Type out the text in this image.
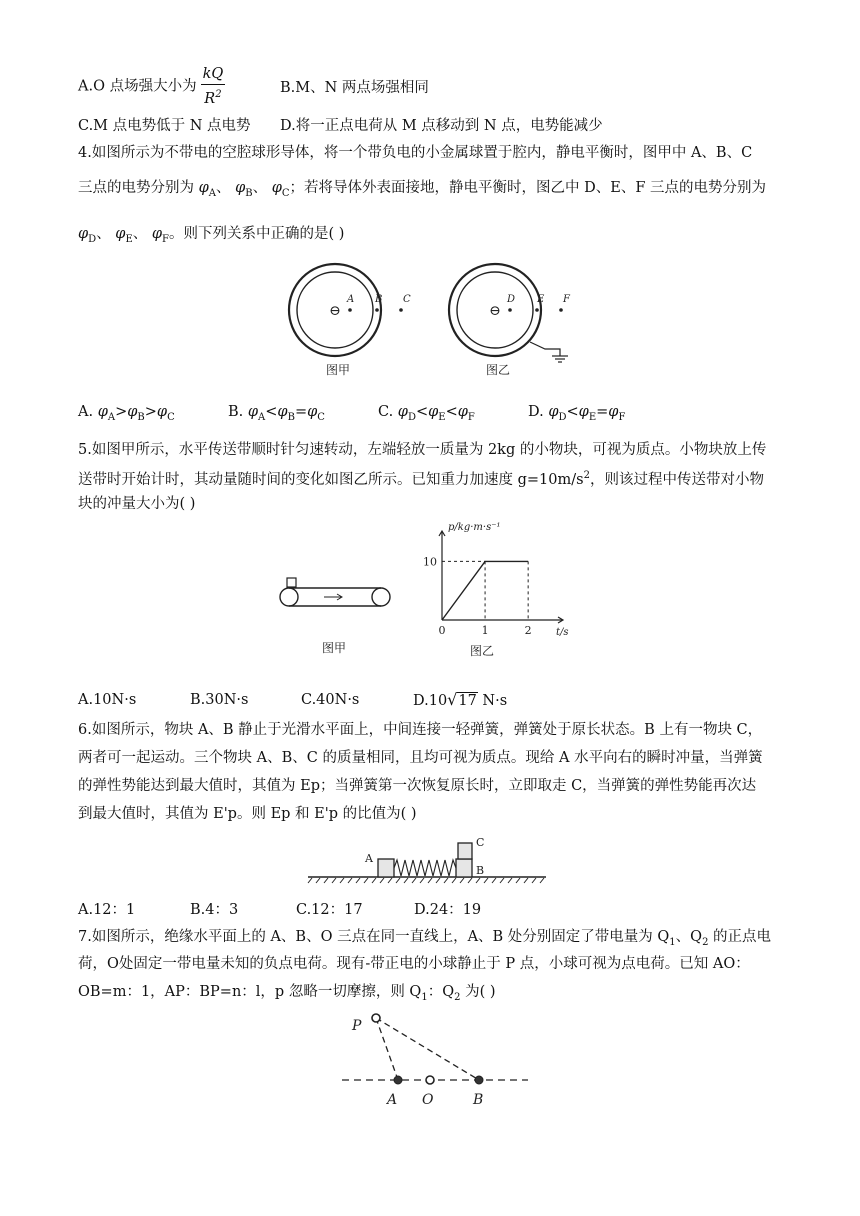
A.O 点场强大小为 $\frac{kQ}{R^2}$	B.M、N 两点场强相同
C.M 点电势低于 N 点电势 D.将一正点电荷从 M 点移动到 N 点，电势能减少
4.如图所示为不带电的空腔球形导体，将一个带负电的小金属球置于腔内，静电平衡时，图甲中 A、B、C
三点的电势分别为 $\varphi_A$、 $\varphi_B$、 $\varphi_C$；若将导体外表面接地，静电平衡时，图乙中 D、E、F 三点的电势分别为
$\varphi_D$、 $\varphi_E$、 $\varphi_F$。则下列关系中正确的是( )
⊖
A B C
图甲
⊖
D E F
图乙
A. $\varphi_A>\varphi_B>\varphi_C$	B. $\varphi_A<\varphi_B=\varphi_C$	C. $\varphi_D<\varphi_E<\varphi_F$	D. $\varphi_D<\varphi_E=\varphi_F$
5.如图甲所示，水平传送带顺时针匀速转动，左端轻放一质量为 2kg 的小物块，可视为质点。小物块放上传
送带时开始计时，其动量随时间的变化如图乙所示。已知重力加速度 $g=10m/s^2$，则该过程中传送带对小物
块的冲量大小为( )
图甲
p/kg·m·s⁻¹
t/s
0	1	2
10
图乙
A.10N·s	B.30N·s	C.40N·s	D.10√17 N·s
6.如图所示，物块 A、B 静止于光滑水平面上，中间连接一轻弹簧，弹簧处于原长状态。B 上有一物块 C，
两者可一起运动。三个物块 A、B、C 的质量相同，且均可视为质点。现给 A 水平向右的瞬时冲量，当弹簧
的弹性势能达到最大值时，其值为 Ep；当弹簧第一次恢复原长时，立即取走 C，当弹簧的弹性势能再次达
到最大值时，其值为 E'p。则 Ep 和 E'p 的比值为( )
A
C
B
A.12：1	B.4：3	C.12：17	D.24：19
7.如图所示，绝缘水平面上的 A、B、O 三点在同一直线上，A、B 处分别固定了带电量为 $Q_1$、$Q_2$ 的正点电
荷，O处固定一带电量未知的负点电荷。现有-带正电的小球静止于 P 点，小球可视为点电荷。已知 AO：
OB=m：1，AP：BP=n：l，p 忽略一切摩擦，则 $Q_1$：$Q_2$ 为( )
P
A O	B
